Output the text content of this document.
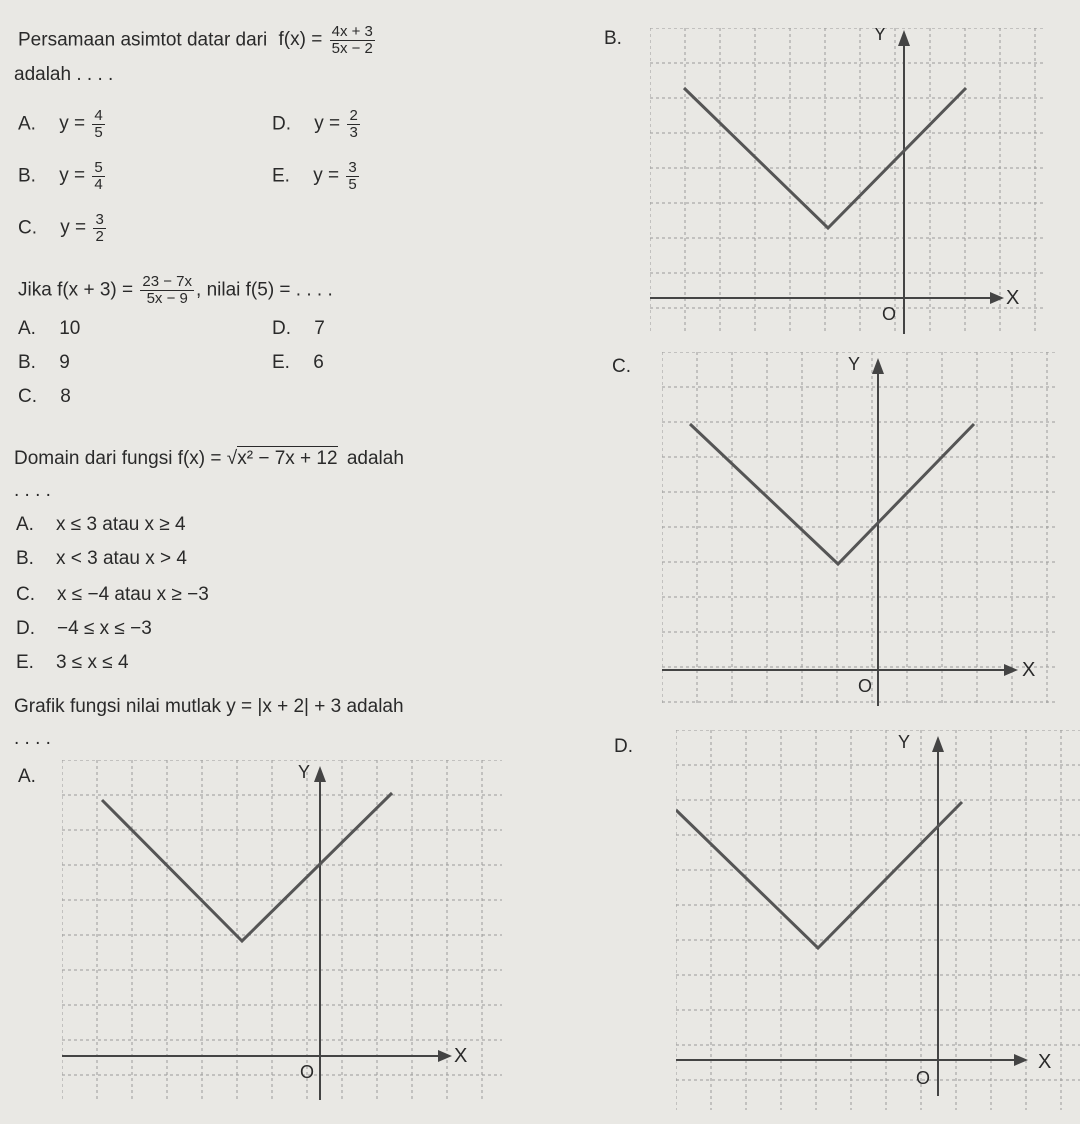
Persamaan asimtot datar dari $f(x) = \frac{4x + 3}{5x - 2}$
adalah . . . .
A. $y = \frac{4}{5}$	D. $y = \frac{2}{3}$
B. $y = \frac{5}{4}$	E. $y = \frac{3}{5}$
C. $y = \frac{3}{2}$
Jika $f(x + 3) = \frac{23 - 7x}{5x - 9}$ , nilai f(5) = . . . .
A. 10	D. 7
B. 9	E. 6
C. 8
Domain dari fungsi f(x) = √x² − 7x + 12 adalah
. . . .
A. x ≤ 3 atau x ≥ 4
B. x < 3 atau x > 4
C. x ≤ −4 atau x ≥ −3
D. −4 ≤ x ≤ −3
E. 3 ≤ x ≤ 4
Grafik fungsi nilai mutlak y = |x + 2| + 3 adalah
. . . .
A.
B.
C.
D.
Y
X
O
Y
X
O
Y
X
O
Y
X
O
